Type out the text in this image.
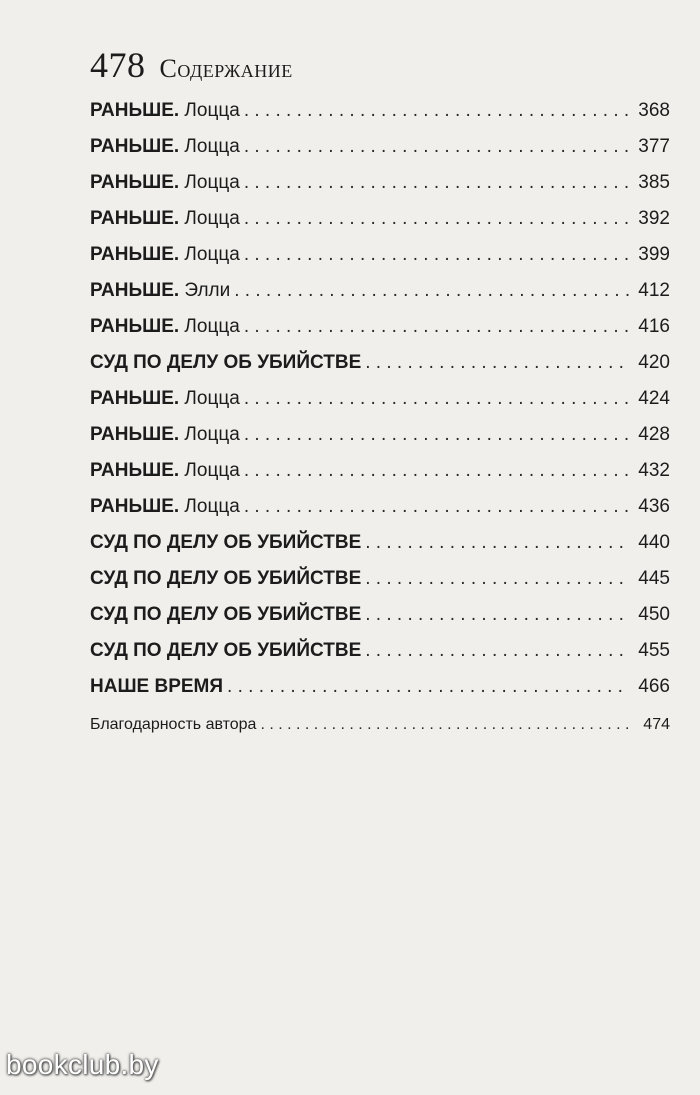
478 Содержание
РАНЬШЕ. Лоцца . . .	368
РАНЬШЕ. Лоцца . . .	377
РАНЬШЕ. Лоцца . . .	385
РАНЬШЕ. Лоцца . . .	392
РАНЬШЕ. Лоцца . . .	399
РАНЬШЕ. Элли . . .	412
РАНЬШЕ. Лоцца . . .	416
СУД ПО ДЕЛУ ОБ УБИЙСТВЕ . . .	420
РАНЬШЕ. Лоцца . . .	424
РАНЬШЕ. Лоцца . . .	428
РАНЬШЕ. Лоцца . . .	432
РАНЬШЕ. Лоцца . . .	436
СУД ПО ДЕЛУ ОБ УБИЙСТВЕ . . .	440
СУД ПО ДЕЛУ ОБ УБИЙСТВЕ . . .	445
СУД ПО ДЕЛУ ОБ УБИЙСТВЕ . . .	450
СУД ПО ДЕЛУ ОБ УБИЙСТВЕ . . .	455
НАШЕ ВРЕМЯ . . .	466
Благодарность автора . . .	474
bookclub.by
